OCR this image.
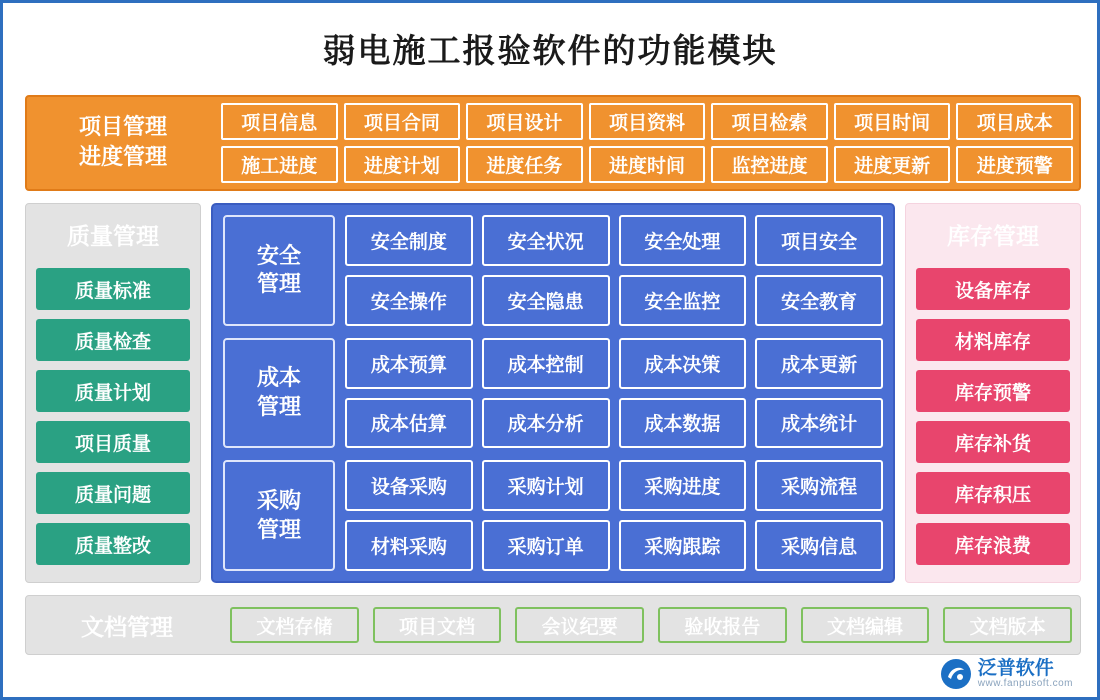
弱电施工报验软件的功能模块
项目管理
进度管理
项目信息	项目合同	项目设计	项目资料	项目检索	项目时间	项目成本
施工进度	进度计划	进度任务	进度时间	监控进度	进度更新	进度预警
质量管理
质量标准
质量检查
质量计划
项目质量
质量问题
质量整改
安全
管理
安全制度	安全状况	安全处理	项目安全
安全操作	安全隐患	安全监控	安全教育
成本
管理
成本预算	成本控制	成本决策	成本更新
成本估算	成本分析	成本数据	成本统计
采购
管理
设备采购	采购计划	采购进度	采购流程
材料采购	采购订单	采购跟踪	采购信息
库存管理
设备库存
材料库存
库存预警
库存补货
库存积压
库存浪费
文档管理	文档存储	项目文档	会议纪要	验收报告	文档编辑	文档版本
泛普软件
www.fanpusoft.com
